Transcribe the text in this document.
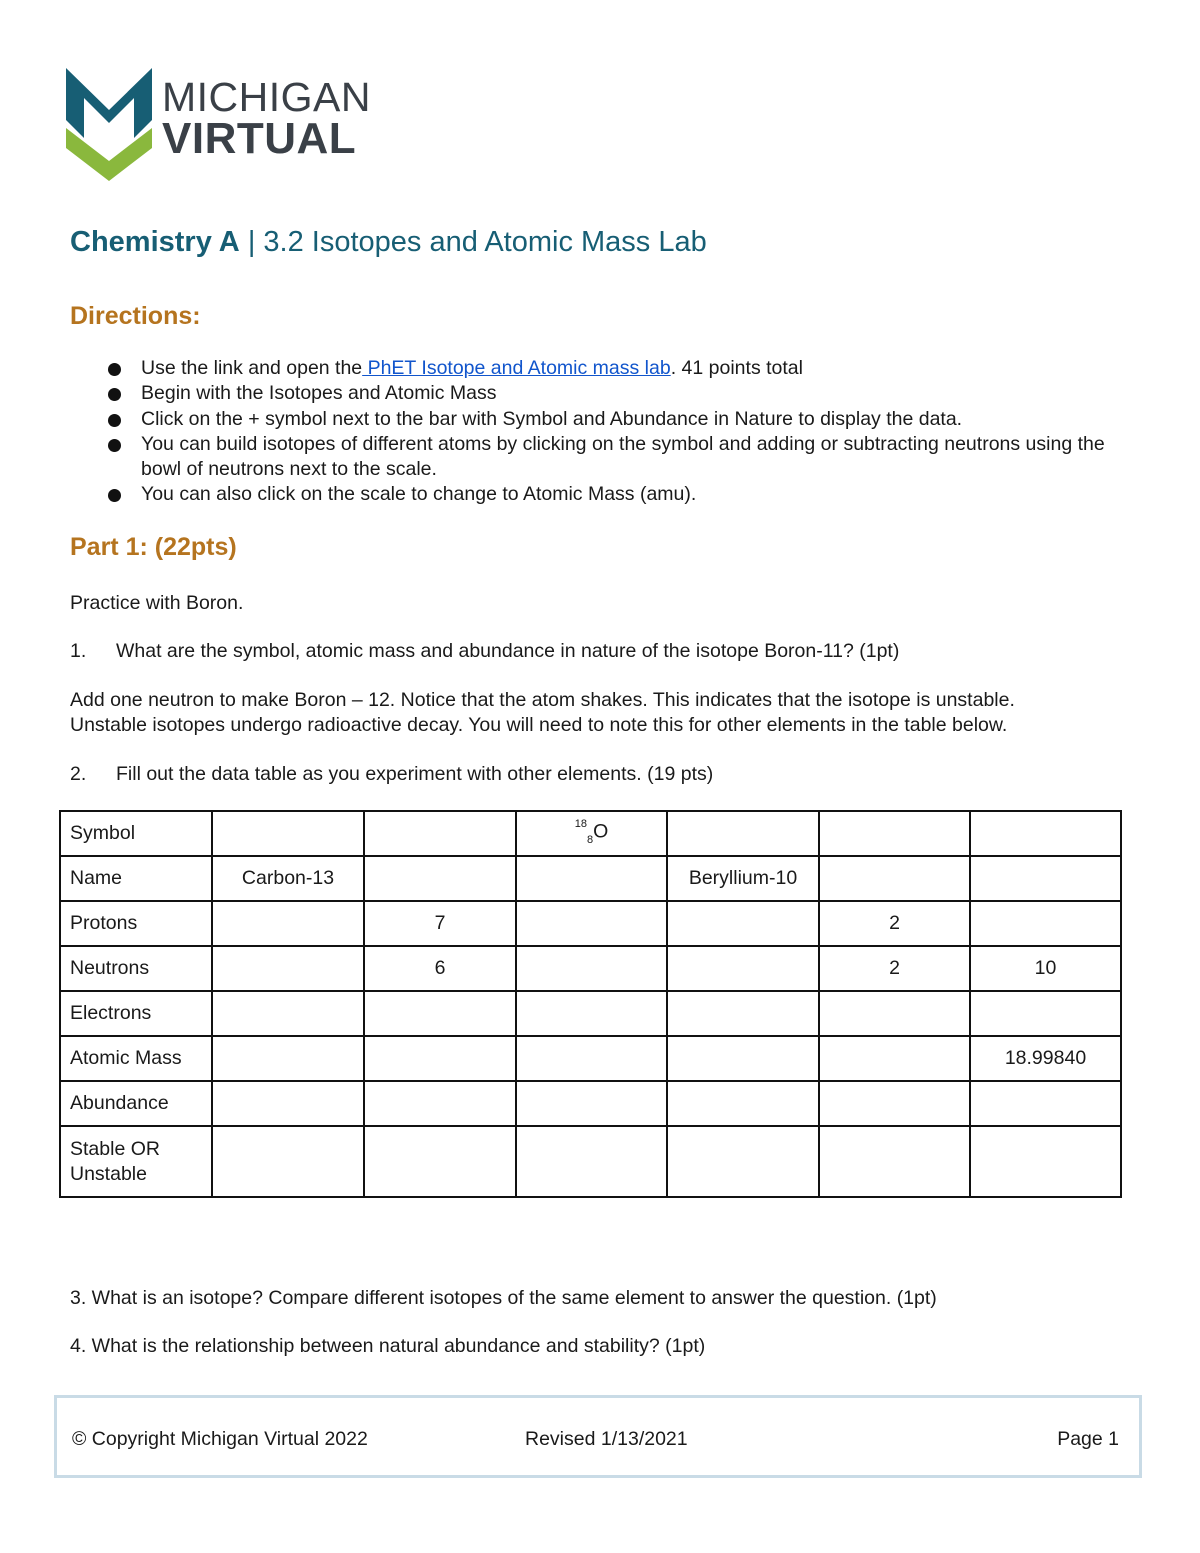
MICHIGAN
VIRTUAL
Chemistry A | 3.2 Isotopes and Atomic Mass Lab
Directions:
Use the link and open the PhET Isotope and Atomic mass lab. 41 points total
Begin with the Isotopes and Atomic Mass
Click on the + symbol next to the bar with Symbol and Abundance in Nature to display the data.
You can build isotopes of different atoms by clicking on the symbol and adding or subtracting neutrons using the bowl of neutrons next to the scale.
You can also click on the scale to change to Atomic Mass (amu).
Part 1: (22pts)
Practice with Boron.
1. What are the symbol, atomic mass and abundance in nature of the isotope Boron-11? (1pt)
Add one neutron to make Boron – 12. Notice that the atom shakes. This indicates that the isotope is unstable.
Unstable isotopes undergo radioactive decay. You will need to note this for other elements in the table below.
2. Fill out the data table as you experiment with other elements. (19 pts)
Symbol			$^{18}_8$O			
Name	Carbon-13			Beryllium-10		
Protons		7			2	
Neutrons		6			2	10
Electrons						
Atomic Mass						18.99840
Abundance						
Stable OR Unstable						
3. What is an isotope? Compare different isotopes of the same element to answer the question. (1pt)
4. What is the relationship between natural abundance and stability? (1pt)
© Copyright Michigan Virtual 2022	Revised 1/13/2021	Page 1
